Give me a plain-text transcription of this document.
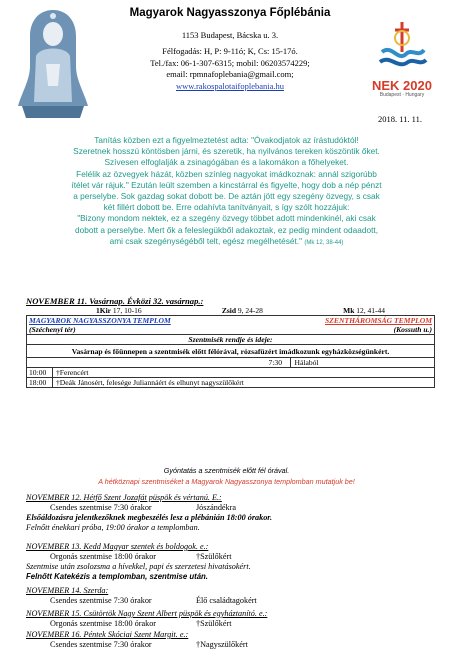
NEK 2020
Budapest · Hungary
Magyarok Nagyasszonya Főplébánia
1153 Budapest, Bácska u. 3.
Félfogadás: H, P: 9-11ó; K, Cs: 15-17ó.
Tel./fax: 06-1-307-6315; mobil: 06203574229;
email: rpmnafoplebania@gmail.com;
www.rakospalotaifoplebania.hu
2018. 11. 11.
Tanítás közben ezt a figyelmeztetést adta: "Óvakodjatok az írástudóktól!
Szeretnek hosszú köntösben járni, és szeretik, ha nyilvános tereken köszöntik őket.
Szívesen elfoglalják a zsinagógában és a lakomákon a főhelyeket.
Felélik az özvegyek házát, közben színleg nagyokat imádkoznak: annál szigorúbb
ítélet vár rájuk." Ezután leült szemben a kincstárral és figyelte, hogy dob a nép pénzt
a perselybe. Sok gazdag sokat dobott be. De aztán jött egy szegény özvegy, s csak
két fillért dobott be. Erre odahívta tanítványait, s így szólt hozzájuk:
"Bizony mondom nektek, ez a szegény özvegy többet adott mindenkinél, aki csak
dobott a perselybe. Mert ők a feleslegükből adakoztak, ez pedig mindent odaadott,
ami csak szegénységéből telt, egész megélhetését." (Mk 12, 38-44)
NOVEMBER 11. Vasárnap. Évközi 32. vasárnap.:
1Kir 17, 10-16	Zsid 9, 24-28	Mk 12, 41-44
MAGYAROK NAGYASSZONYA TEMPLOM	SZENTHÁROMSÁG TEMPLOM

(Széchenyi tér)	(Kossuth u.)

Szentmisék rendje és ideje:
Vasárnap és főünnepen a szentmisék előtt félórával, rózsafüzért imádkozunk egyházközségünkért.
	7:30 Hálaból
10:00 †Ferencért
18:00 †Deák Jánosért, felesége Juliannáért és elhunyt nagyszülőkért
Gyóntatás a szentmisék előtt fél órával.
A hétköznapi szentmiséket a Magyarok Nagyasszonya templomban mutatjuk be!
NOVEMBER 12. Hétfő Szent Jozafát püspök és vértanú. E.:
Csendes szentmise 7:30 órakor	Jószándékra
Elsőáldozásra jelentkezőknek megbeszélés lesz a plébánián 18:00 órakor.
Felnőtt énekkari próba, 19:00 órakor a templomban.
NOVEMBER 13. Kedd Magyar szentek és boldogok. e.:
Orgonás szentmise 18:00 órakor	†Szülőkért
Szentmise után zsolozsma a hívekkel, papi és szerzetesi hivatásokért.
Felnőtt Katekézis a templomban, szentmise után.
NOVEMBER 14. Szerda:
Csendes szentmise 7:30 órakor	Élő családtagokért
NOVEMBER 15. Csütörtök Nagy Szent Albert püspök és egyháztanító. e.:
Orgonás szentmise 18:00 órakor	†Szülőkért
NOVEMBER 16. Péntek Skóciai Szent Margit. e.:
Csendes szentmise 7:30 órakor	†Nagyszülőkért
